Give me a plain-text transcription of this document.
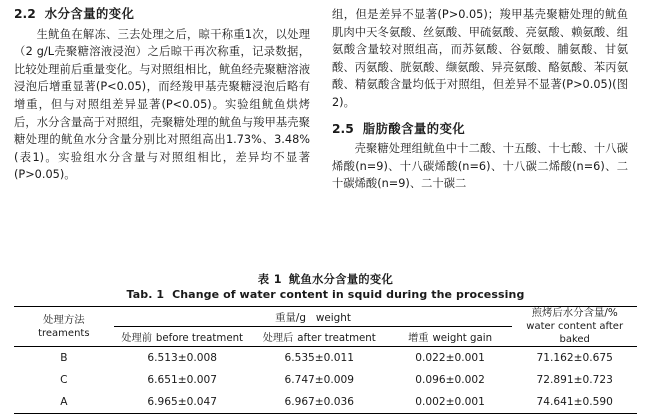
2.2 水分含量的变化

生鱿鱼在解冻、三去处理之后，晾干称重1次，以处理（2 g/L壳聚糖溶液浸泡）之后晾干再次称重，记录数据，比较处理前后重量变化。与对照组相比，鱿鱼经壳聚糖溶液浸泡后增重显著(P<0.05)，而经羧甲基壳聚糖浸泡后略有增重，但与对照组差异显著(P<0.05)。实验组鱿鱼烘烤后，水分含量高于对照组，壳聚糖处理的鱿鱼与羧甲基壳聚糖处理的鱿鱼水分含量分别比对照组高出1.73%、3.48%(表1)。实验组水分含量与对照组相比，差异均不显著(P>0.05)。

组，但是差异不显著(P>0.05)；羧甲基壳聚糖处理的鱿鱼肌肉中天冬氨酸、丝氨酸、甲硫氨酸、亮氨酸、赖氨酸、组氨酸含量较对照组高，而苏氨酸、谷氨酸、脯氨酸、甘氨酸、丙氨酸、胱氨酸、缬氨酸、异亮氨酸、酪氨酸、苯丙氨酸、精氨酸含量均低于对照组，但差异不显著(P>0.05)(图2)。

2.5 脂肪酸含量的变化

壳聚糖处理组鱿鱼中十二酸、十五酸、十七酸、十八碳烯酸(n=9)、十八碳烯酸(n=6)、十八碳二烯酸(n=6)、二十碳烯酸(n=9)、二十碳二

表 1 鱿鱼水分含量的变化
Tab. 1 Change of water content in squid during the processing
处理方法
treaments	重量/g weight			煎烤后水分含量/%
water content after baked

	处理前 before treatment	处理后 after treatment	增重 weight gain	
B	6.513±0.008	6.535±0.011	0.022±0.001	71.162±0.675
C	6.651±0.007	6.747±0.009	0.096±0.002	72.891±0.723
A	6.965±0.047	6.967±0.036	0.002±0.001	74.641±0.590
